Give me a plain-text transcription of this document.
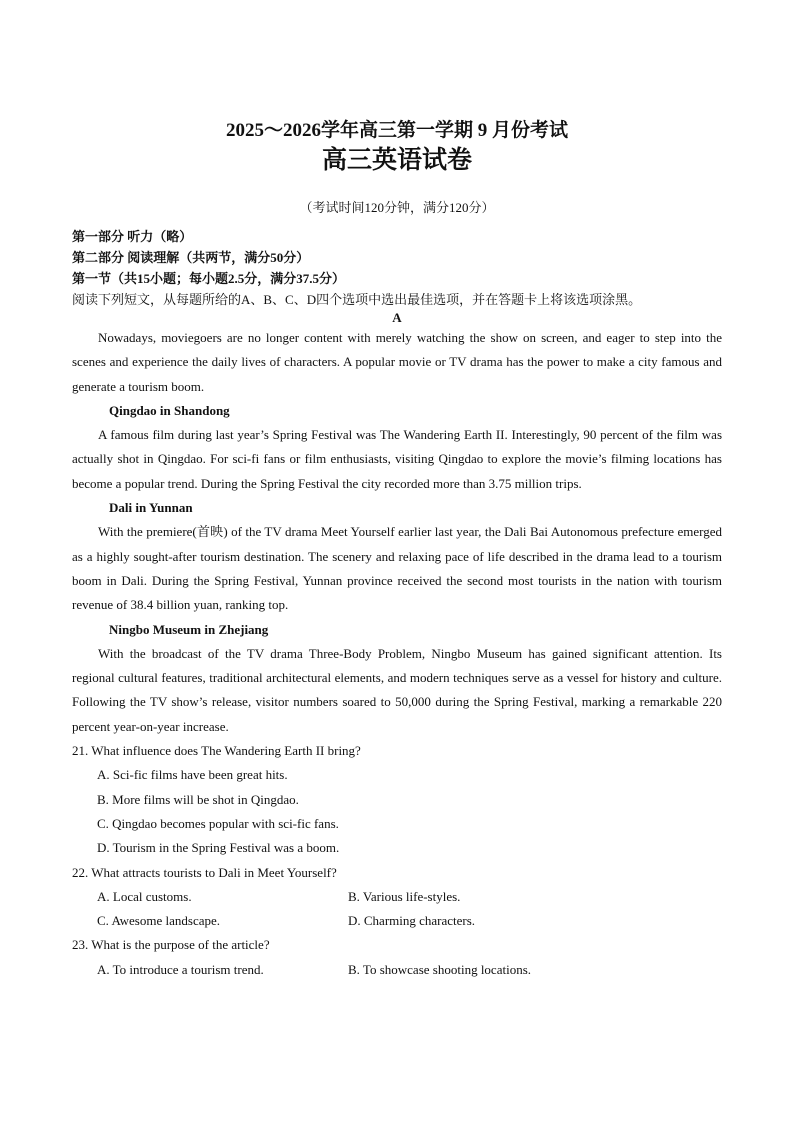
2025～2026学年高三第一学期 9 月份考试

高三英语试卷

（考试时间120分钟，满分120分）

第一部分 听力（略）

第二部分 阅读理解（共两节，满分50分）

第一节（共15小题；每小题2.5分，满分37.5分）

阅读下列短文，从每题所给的A、B、C、D四个选项中选出最佳选项，并在答题卡上将该选项涂黑。

A

Nowadays, moviegoers are no longer content with merely watching the show on screen, and eager to step into the scenes and experience the daily lives of characters. A popular movie or TV drama has the power to make a city famous and generate a tourism boom.

Qingdao in Shandong

A famous film during last year’s Spring Festival was The Wandering Earth II. Interestingly, 90 percent of the film was actually shot in Qingdao. For sci-fi fans or film enthusiasts, visiting Qingdao to explore the movie’s filming locations has become a popular trend. During the Spring Festival the city recorded more than 3.75 million trips.

Dali in Yunnan

With the premiere(首映) of the TV drama Meet Yourself earlier last year, the Dali Bai Autonomous prefecture emerged as a highly sought-after tourism destination. The scenery and relaxing pace of life described in the drama lead to a tourism boom in Dali. During the Spring Festival, Yunnan province received the second most tourists in the nation with tourism revenue of 38.4 billion yuan, ranking top.

Ningbo Museum in Zhejiang

With the broadcast of the TV drama Three-Body Problem, Ningbo Museum has gained significant attention. Its regional cultural features, traditional architectural elements, and modern techniques serve as a vessel for history and culture. Following the TV show’s release, visitor numbers soared to 50,000 during the Spring Festival, marking a remarkable 220 percent year-on-year increase.

21. What influence does The Wandering Earth II bring?

A. Sci-fic films have been great hits.

B. More films will be shot in Qingdao.

C. Qingdao becomes popular with sci-fic fans.

D. Tourism in the Spring Festival was a boom.

22. What attracts tourists to Dali in Meet Yourself?

A. Local customs.	B. Various life-styles.
C. Awesome landscape.	D. Charming characters.

23. What is the purpose of the article?

A. To introduce a tourism trend.	B. To showcase shooting locations.
